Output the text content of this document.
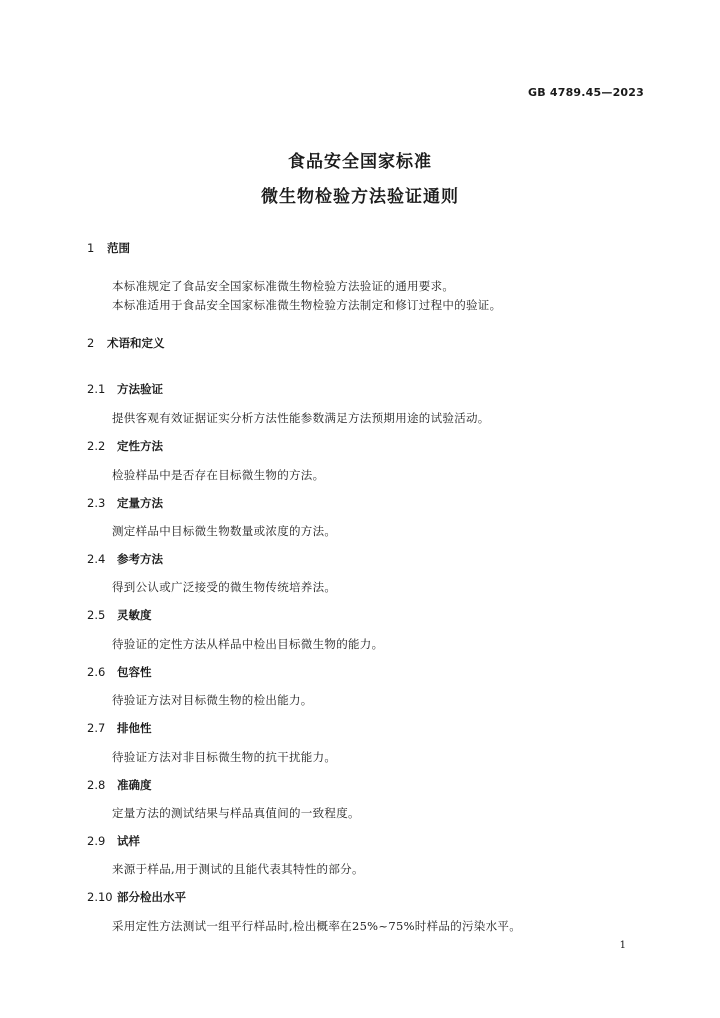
GB 4789.45—2023
食品安全国家标准
微生物检验方法验证通则
1 范围
本标准规定了食品安全国家标准微生物检验方法验证的通用要求。
本标准适用于食品安全国家标准微生物检验方法制定和修订过程中的验证。
2 术语和定义
2.1 方法验证
提供客观有效证据证实分析方法性能参数满足方法预期用途的试验活动。
2.2 定性方法
检验样品中是否存在目标微生物的方法。
2.3 定量方法
测定样品中目标微生物数量或浓度的方法。
2.4 参考方法
得到公认或广泛接受的微生物传统培养法。
2.5 灵敏度
待验证的定性方法从样品中检出目标微生物的能力。
2.6 包容性
待验证方法对目标微生物的检出能力。
2.7 排他性
待验证方法对非目标微生物的抗干扰能力。
2.8 准确度
定量方法的测试结果与样品真值间的一致程度。
2.9 试样
来源于样品,用于测试的且能代表其特性的部分。
2.10 部分检出水平
采用定性方法测试一组平行样品时,检出概率在25%~75%时样品的污染水平。
1
